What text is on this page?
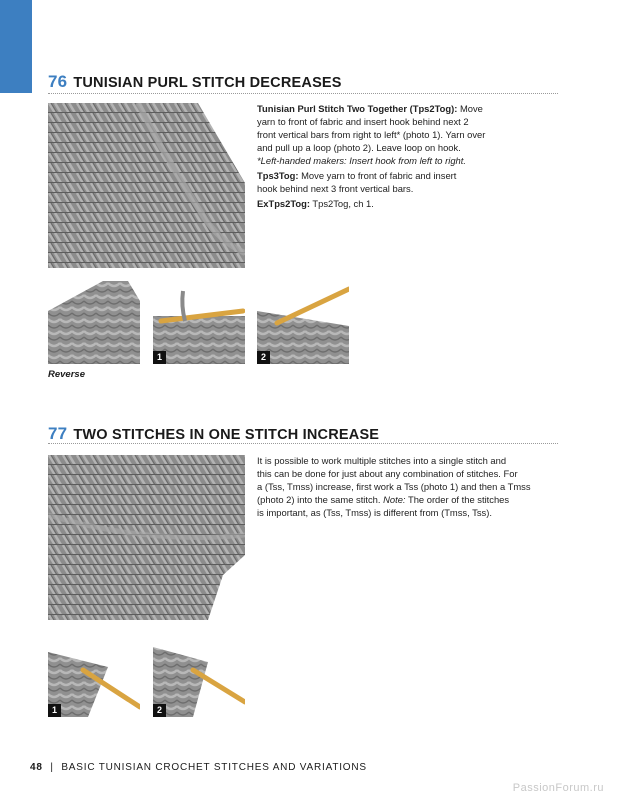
76 TUNISIAN PURL STITCH DECREASES

Tunisian Purl Stitch Two Together (Tps2Tog): Move
yarn to front of fabric and insert hook behind next 2
front vertical bars from right to left* (photo 1). Yarn over
and pull up a loop (photo 2). Leave loop on hook.
*Left-handed makers: Insert hook from left to right.

Tps3Tog: Move yarn to front of fabric and insert
hook behind next 3 front vertical bars.

ExTps2Tog: Tps2Tog, ch 1.

Reverse
1	2
77 TWO STITCHES IN ONE STITCH INCREASE

It is possible to work multiple stitches into a single stitch and
this can be done for just about any combination of stitches. For
a (Tss, Tmss) increase, first work a Tss (photo 1) and then a Tmss
(photo 2) into the same stitch. Note: The order of the stitches
is important, as (Tss, Tmss) is different from (Tmss, Tss).

1	2
48 | BASIC TUNISIAN CROCHET STITCHES AND VARIATIONS
PassionForum.ru
